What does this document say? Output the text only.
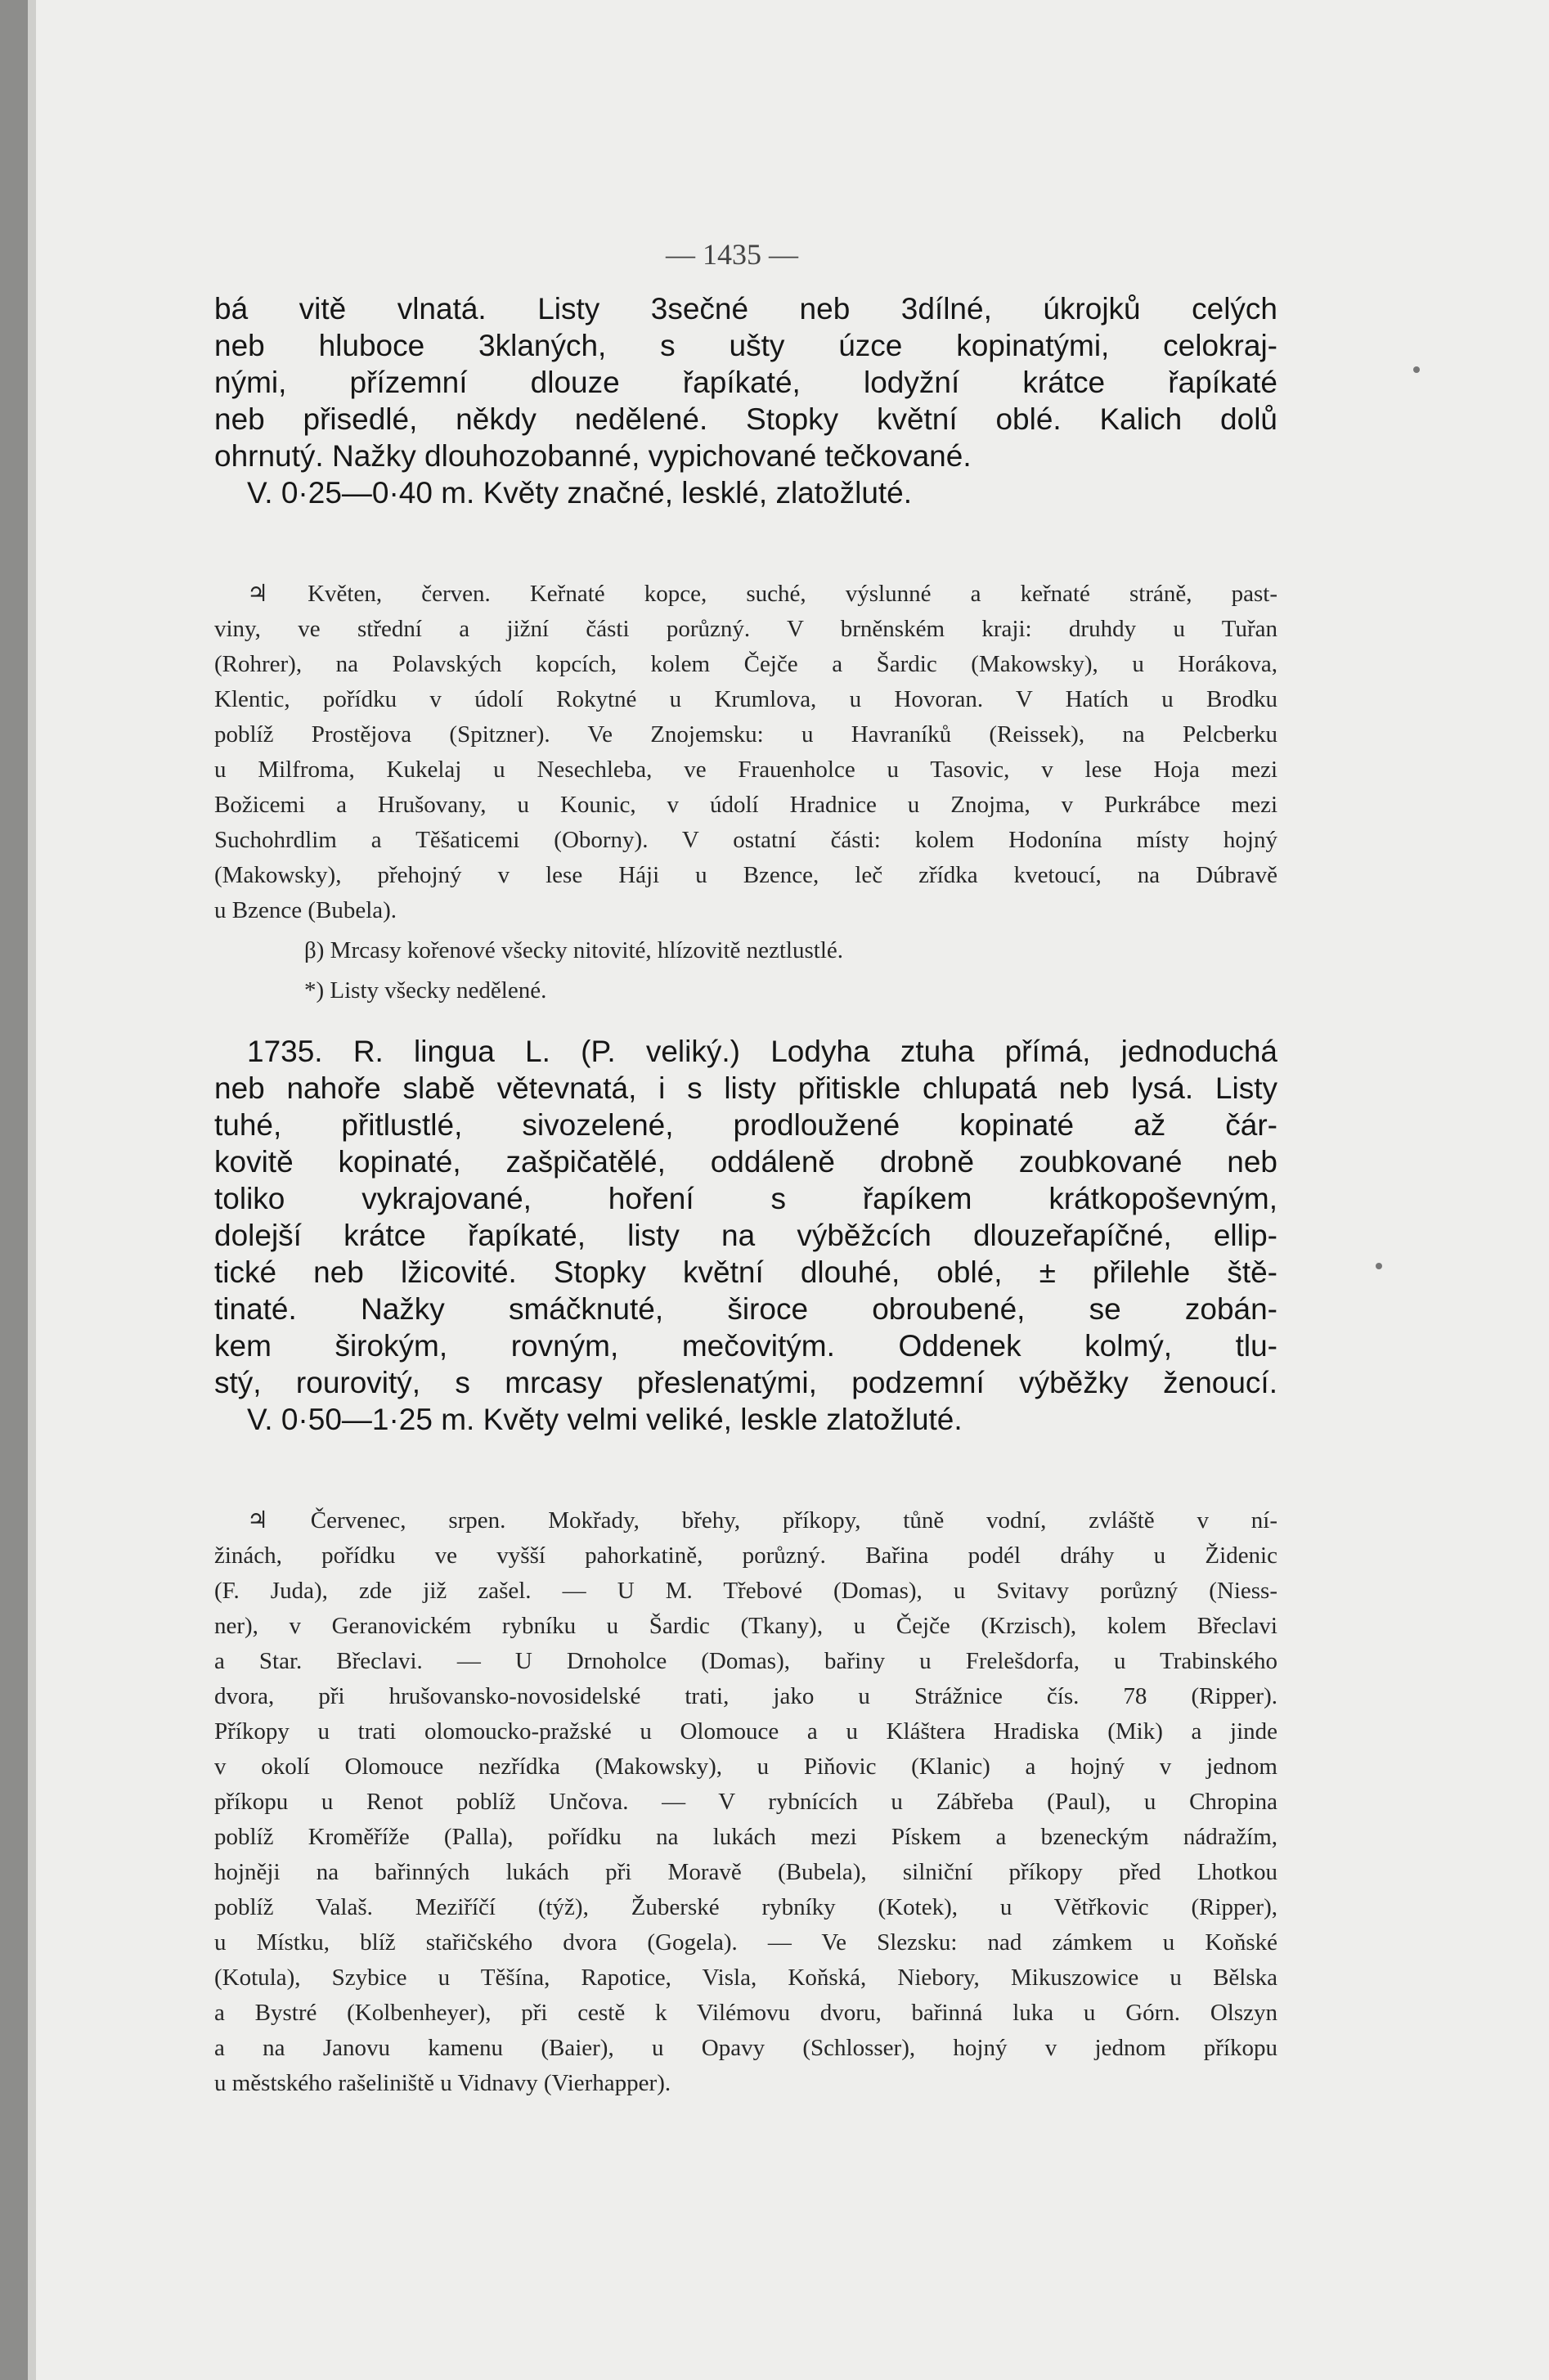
— 1435 —
bá vitě vlnatá. Listy 3sečné neb 3dílné, úkrojků celých
neb hluboce 3klaných, s ušty úzce kopinatými, celokraj-
nými, přízemní dlouze řapíkaté, lodyžní krátce řapíkaté
neb přisedlé, někdy nedělené. Stopky květní oblé. Kalich dolů
ohrnutý. Nažky dlouhozobanné, vypichované tečkované.
V. 0·25—0·40 m. Květy značné, lesklé, zlatožluté.
♃ Květen, červen. Keřnaté kopce, suché, výslunné a keřnaté stráně, past-
viny, ve střední a jižní části porůzný. V brněnském kraji: druhdy u Tuřan
(Rohrer), na Polavských kopcích, kolem Čejče a Šardic (Makowsky), u Horákova,
Klentic, pořídku v údolí Rokytné u Krumlova, u Hovoran. V Hatích u Brodku
poblíž Prostějova (Spitzner). Ve Znojemsku: u Havraníků (Reissek), na Pelcberku
u Milfroma, Kukelaj u Nesechleba, ve Frauenholce u Tasovic, v lese Hoja mezi
Božicemi a Hrušovany, u Kounic, v údolí Hradnice u Znojma, v Purkrábce mezi
Suchohrdlim a Těšaticemi (Oborny). V ostatní části: kolem Hodonína místy hojný
(Makowsky), přehojný v lese Háji u Bzence, leč zřídka kvetoucí, na Dúbravě
u Bzence (Bubela).
β) Mrcasy kořenové všecky nitovité, hlízovitě neztlustlé.
*) Listy všecky nedělené.
1735. R. lingua L. (P. veliký.) Lodyha ztuha přímá, jednoduchá
neb nahoře slabě větevnatá, i s listy přitiskle chlupatá neb lysá. Listy
tuhé, přitlustlé, sivozelené, prodloužené kopinaté až čár-
kovitě kopinaté, zašpičatělé, oddáleně drobně zoubkované neb
toliko vykrajované, hoření s řapíkem krátkopoševným,
dolejší krátce řapíkaté, listy na výběžcích dlouzeřapíčné, ellip-
tické neb lžicovité. Stopky květní dlouhé, oblé, ± přilehle ště-
tinaté. Nažky smáčknuté, široce obroubené, se zobán-
kem širokým, rovným, mečovitým. Oddenek kolmý, tlu-
stý, rourovitý, s mrcasy přeslenatými, podzemní výběžky ženoucí.
V. 0·50—1·25 m. Květy velmi veliké, leskle zlatožluté.
♃ Červenec, srpen. Mokřady, břehy, příkopy, tůně vodní, zvláště v ní-
žinách, pořídku ve vyšší pahorkatině, porůzný. Bařina podél dráhy u Židenic
(F. Juda), zde již zašel. — U M. Třebové (Domas), u Svitavy porůzný (Niess-
ner), v Geranovickém rybníku u Šardic (Tkany), u Čejče (Krzisch), kolem Břeclavi
a Star. Břeclavi. — U Drnoholce (Domas), bařiny u Frelešdorfa, u Trabinského
dvora, při hrušovansko-novosidelské trati, jako u Strážnice čís. 78 (Ripper).
Příkopy u trati olomoucko-pražské u Olomouce a u Kláštera Hradiska (Mik) a jinde
v okolí Olomouce nezřídka (Makowsky), u Piňovic (Klanic) a hojný v jednom
příkopu u Renot poblíž Unčova. — V rybnících u Zábřeba (Paul), u Chropina
poblíž Kroměříže (Palla), pořídku na lukách mezi Pískem a bzeneckým nádražím,
hojněji na bařinných lukách při Moravě (Bubela), silniční příkopy před Lhotkou
poblíž Valaš. Meziříčí (týž), Žuberské rybníky (Kotek), u Větřkovic (Ripper),
u Místku, blíž stařičského dvora (Gogela). — Ve Slezsku: nad zámkem u Koňské
(Kotula), Szybice u Těšína, Rapotice, Visla, Koňská, Niebory, Mikuszowice u Bělska
a Bystré (Kolbenheyer), při cestě k Vilémovu dvoru, bařinná luka u Górn. Olszyn
a na Janovu kamenu (Baier), u Opavy (Schlosser), hojný v jednom příkopu
u městského rašeliniště u Vidnavy (Vierhapper).
